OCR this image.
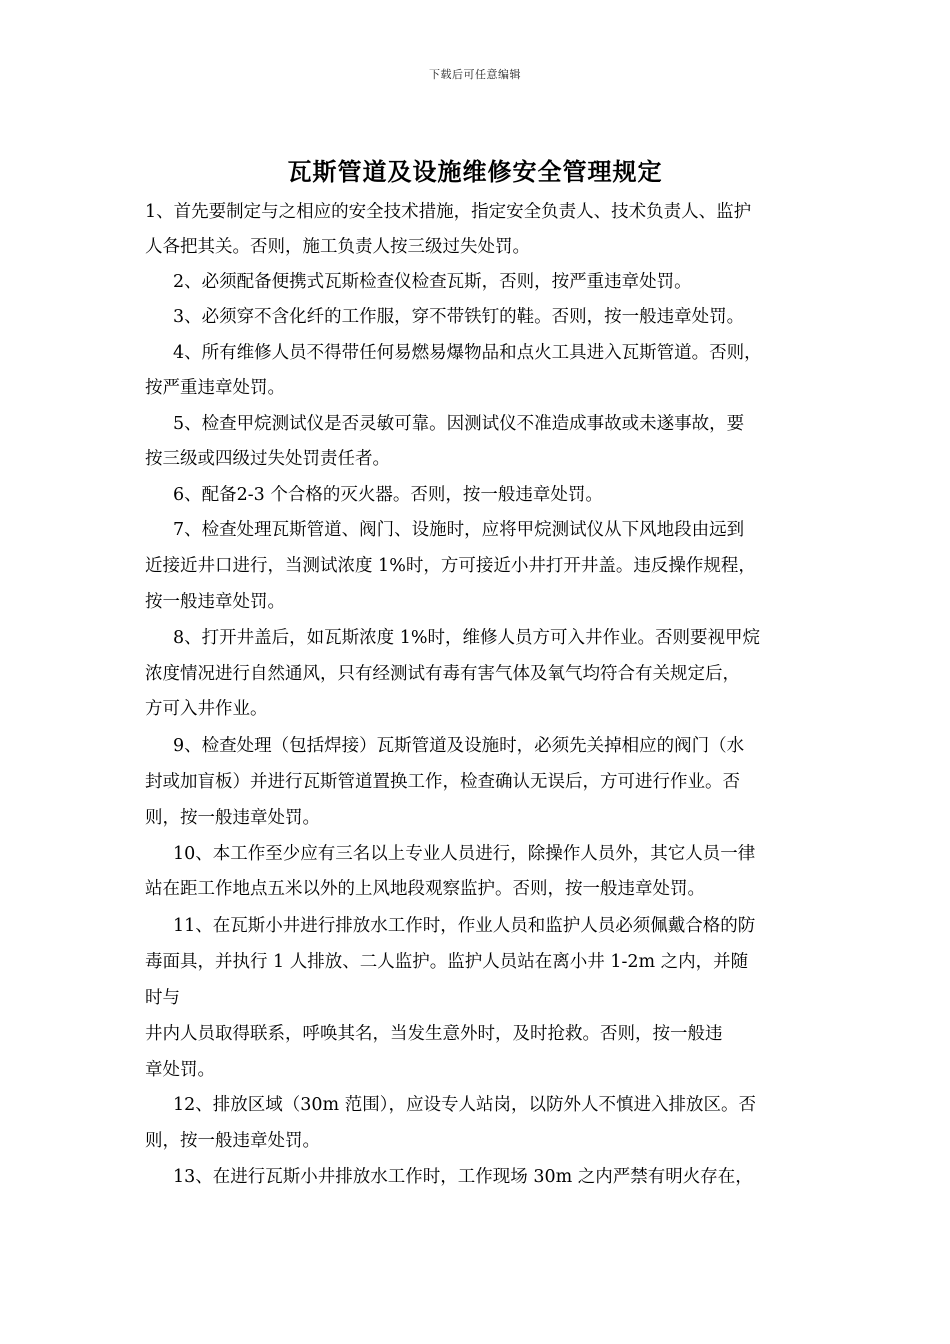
下载后可任意编辑
瓦斯管道及设施维修安全管理规定
1、首先要制定与之相应的安全技术措施，指定安全负责人、技术负责人、监护
人各把其关。否则，施工负责人按三级过失处罚。
2、必须配备便携式瓦斯检查仪检查瓦斯，否则，按严重违章处罚。
3、必须穿不含化纤的工作服，穿不带铁钉的鞋。否则，按一般违章处罚。
4、所有维修人员不得带任何易燃易爆物品和点火工具进入瓦斯管道。否则，
按严重违章处罚。
5、检查甲烷测试仪是否灵敏可靠。因测试仪不准造成事故或未遂事故，要
按三级或四级过失处罚责任者。
6、配备2-3 个合格的灭火器。否则，按一般违章处罚。
7、检查处理瓦斯管道、阀门、设施时，应将甲烷测试仪从下风地段由远到
近接近井口进行，当测试浓度 1%时，方可接近小井打开井盖。违反操作规程，
按一般违章处罚。
8、打开井盖后，如瓦斯浓度 1%时，维修人员方可入井作业。否则要视甲烷
浓度情况进行自然通风，只有经测试有毒有害气体及氧气均符合有关规定后，
方可入井作业。
9、检查处理（包括焊接）瓦斯管道及设施时，必须先关掉相应的阀门（水
封或加盲板）并进行瓦斯管道置换工作，检查确认无误后，方可进行作业。否
则，按一般违章处罚。
10、本工作至少应有三名以上专业人员进行，除操作人员外，其它人员一律
站在距工作地点五米以外的上风地段观察监护。否则，按一般违章处罚。
11、在瓦斯小井进行排放水工作时，作业人员和监护人员必须佩戴合格的防
毒面具，并执行 1 人排放、二人监护。监护人员站在离小井 1-2m 之内，并随
时与
井内人员取得联系，呼唤其名，当发生意外时，及时抢救。否则，按一般违
章处罚。
12、排放区域（30m 范围），应设专人站岗，以防外人不慎进入排放区。否
则，按一般违章处罚。
13、在进行瓦斯小井排放水工作时，工作现场 30m 之内严禁有明火存在，
